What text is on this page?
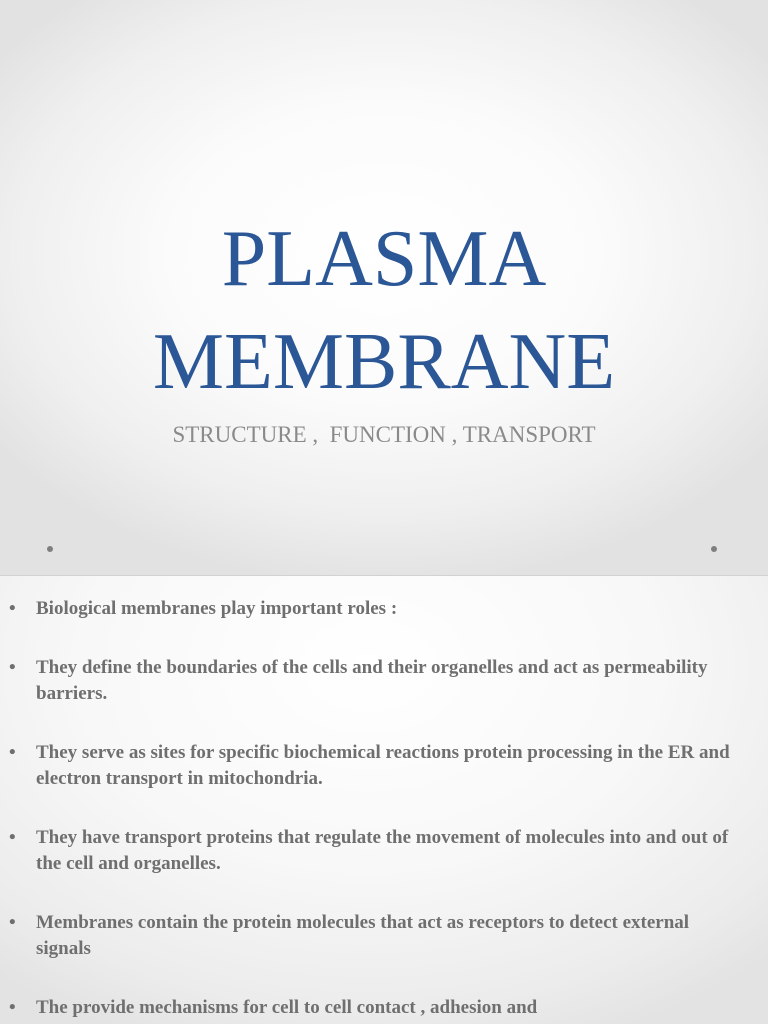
PLASMA
MEMBRANE
STRUCTURE ,  FUNCTION , TRANSPORT
• Biological membranes play important roles :
• They define the boundaries of the cells and their organelles and act as permeability barriers.
• They serve as sites for specific biochemical reactions protein processing in the ER and electron transport in mitochondria.
• They have transport proteins that regulate the movement of molecules into and out of the cell and organelles.
• Membranes contain the protein molecules that act as receptors to detect external signals
• The provide mechanisms for cell to cell contact , adhesion and
